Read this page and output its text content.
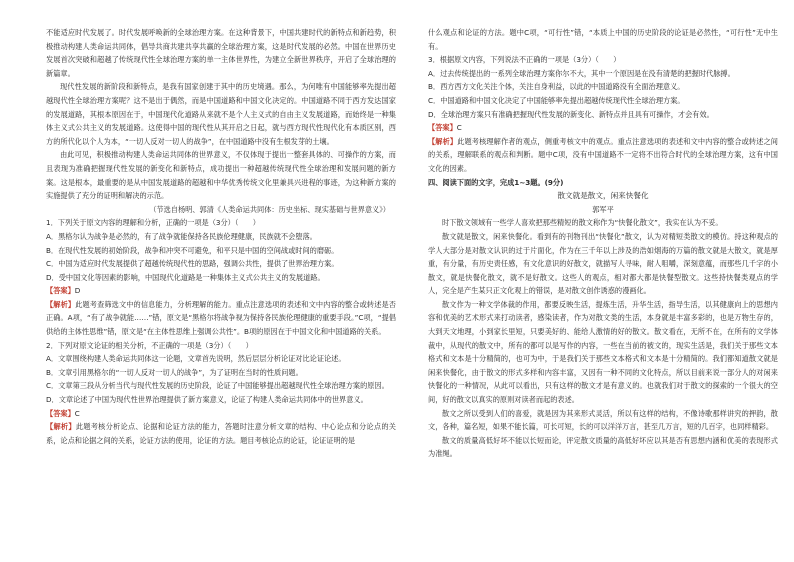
不能适应时代发展了。时代发展呼唤新的全球治理方案。在这种背景下，中国共建时代的新特点和新趋势，积极推动构建人类命运共同体，倡导共商共建共享共赢的全球治理方案，这是时代发展的必然。中国在世界历史发展首次突破和超越了传统现代性全球治理方案的单一主体世界性，为建立全新世界秩序，开启了全球治理的新篇章。

现代性发展的新阶段和新特点，是我有国家创建于其中的历史境遇。那么，为何唯有中国能够率先提出超越现代性全球治理方案呢？这不是出于偶然，而是中国道路和中国文化决定的。中国道路不同于西方发达国家的发展道路，其根本原因在于，中国现代化道路从来就不是个人主义式的自由主义发展道路，而始终是一种集体主义式公共主义的发展道路。这使得中国的现代性从其开启之日起，就与西方现代性现代化有本质区别，西方的所代化以个人为本，“一切人反对一切人的战争”，在中国道路中没有生根发芽的土壤。

由此可见，积极推动构建人类命运共同体的世界意义，不仅体现于提出一整套具体的、可操作的方案，而且表现为准确把握现代性发展的新变化和新特点，成功提出一种超越传统现代性全球治理和发展问题的新方案。这是根本，最重要的是从中国发展道路的超越和中华优秀传统文化里兼具兴进程的事迹，为这种新方案的实施提供了充分的证明和解决的示范。

（节选自杨明、郭清《人类命运共同体：历史坐标、现实基础与世界意义》）

1．下列关于原文内容的理解和分析，正确的一项是（3分）（　　）

A．黑格尔认为战争是必然的，有了战争就能保持各民族伦理健康，民族就不会堕落。

B．在现代性发展的初始阶段，战争和冲突不可避免，和平只是中国的空间战或时间的磨砺。

C．中国为适应时代发展提供了超越传统现代性的思路，强调公共性，提供了世界治理方案。

D．受中国文化等因素的影响，中国现代化道路是一种集体主义式公共主义的发展道路。

【答案】D

【解析】此题考查筛选文中的信息能力，分析理解的能力。重点注意选项的表述和文中内容的整合或转述是否正确。A项，“有了战争就能……”错，原文是“黑格尔将战争视为保持各民族伦理健康的重要手段。”C项，“提倡供给的主体性思维”错，原文是“在主体性思维上强调公共性”。B项的原因在于中国文化和中国道路的关系。

2．下列对原文论证的相关分析，不正确的一项是（3分）（　　）

A．文章围绕构建人类命运共同体这一论题，文章首先说明，然后层层分析论证对比论证论述。

B．文章引用黑格尔的“一切人反对一切人的战争”，为了证明在当时的性质问题。

C．文章第三段从分析当代与现代性发展的历史阶段，论证了中国能够提出超越现代性全球治理方案的原因。

D．文章论述了中国为现代性世界治理提供了新方案意义，论证了构建人类命运共同体中的世界意义。

【答案】C

【解析】此题考核分析论点、论据和论证方法的能力，答题时注意分析文章的结构、中心论点和分论点的关系，论点和论据之间的关系，论证方法的使用，论证的方法。题目考核论点的论证，论证证明的是

什么观点和论证的方法。题中C项，“可行性”错，“本质上中国的历史阶段的论证是必然性，“可行性”无中生有。

3．根据原文内容，下列说法不正确的一项是（3分）（　　）

A．过去传统提出的一系列全球治理方案你尔不大，其中一个原因是在没有清楚的把握时代脉搏。

B．西方西方文化关注个体，关注自身利益，以此的中国道路没有全面治理意义。

C．中国道路和中国文化决定了中国能够率先提出超越传统现代性全球治理方案。

D．全球治理方案只有准确把握现代性发展的新变化、新特点并且具有可操作，才会有效。

【答案】C

【解析】此题考核理解作者的观点，侧重考核文中的观点。重点注意选项的表述和文中内容的整合或转述之间的关系，理解联系的观点和判断。题中C项，没有中国道路不一定将不出符合时代的全球治理方案，这有中国文化的因素。

四、阅读下面的文字，完成1~3题。(9分)

散文就是散文，闲来快餐化

郭军平

时下散文领域有一些学人喜欢把那些精短的散文称作为“快餐化散文”，我实在认为不妥。

散文就是散文，闲来快餐化。看到有的刊物刊出“快餐化”散文，认为对精短类散文的模仿。持这种观点的学人大部分是对散文认识的过于片面化，作为在三千年以上涉及的浩如烟海的万篇的散文就是大散文，就是厚重，有分量，有历史责任感，有文化意识的好散文，就描写人寻味，耐人咀嚼，深刻意蕴，而那些几千字的小散文，就是快餐化散文，就不是好散文。这些人的观点，相对都大都是快餐型散文。这些持快餐类观点的学人，完全是产生某只正文化观上的错误，是对散文创作诱惑的漫画化。

散文作为一种文学体裁的作用，都要反映生活，提炼生活，升华生活，指导生活，以其健康向上的思想内容和优美的艺术形式来打动读者，感染读者，作为对散文类的生活，本身就是丰富多彩的，也是万物生存的，大到天文地理，小到家长里短，只要美好的、能给人激情的好的散文。散文看在，无所不在，在所有的文学体裁中，从现代的散文中，所有的都可以是写作的内容，一些在当前的被文的，现实生活是，我们关于那些文本格式和文本是十分精简的，也可为中，于是我们关于那些文本格式和文本是十分精简的。我们都知道散文就是闲来快餐化，由于散文的形式多样和内容丰富，又因有一种不同的文化特点，所以目前来说一部分人的对闲来快餐化的一种情况，从此可以看出，只有这样的散文才是有意义的。也就我们对于散文的探索的一个很大的空间，好的散文以真实的原则对读者而起的表述。

散文之所以受到人们的喜爱，就是因为其来形式灵活，所以有这样的结构，不像诗歌那样讲究的押韵，散文，各种，篇名短，如果不能长篇，可长可短，长的可以洋洋万言，甚至几万言，短的几百字，也同样精彩。

散文的质量高低好坏不能以长短而论，评定散文质量的高低好坏应以其是否有思想内涵和优美的表现形式为准绳。
